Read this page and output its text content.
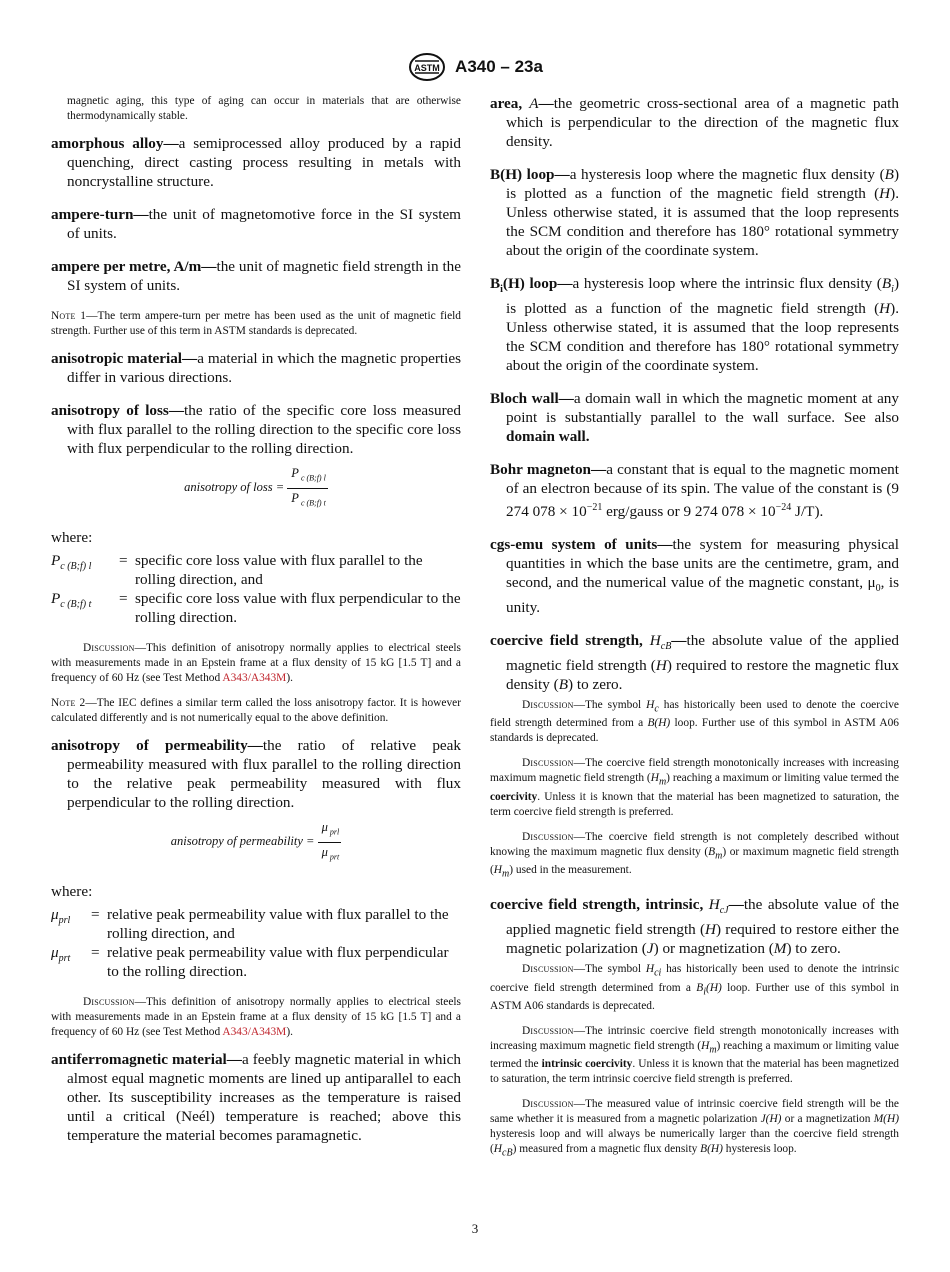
ASTM A340 – 23a

magnetic aging, this type of aging can occur in materials that are otherwise thermodynamically stable.

amorphous alloy—a semiprocessed alloy produced by a rapid quenching, direct casting process resulting in metals with noncrystalline structure.

ampere-turn—the unit of magnetomotive force in the SI system of units.

ampere per metre, A/m—the unit of magnetic field strength in the SI system of units.

Note 1—The term ampere-turn per metre has been used as the unit of magnetic field strength. Further use of this term in ASTM standards is deprecated.

anisotropic material—a material in which the magnetic properties differ in various directions.

anisotropy of loss—the ratio of the specific core loss measured with flux parallel to the rolling direction to the specific core loss with flux perpendicular to the rolling direction.

anisotropy of loss = $\frac{P _{c (B;f) l}}{P _{c (B;f) t}}$

where:

$P_{c (B;f) l}$	= specific core loss value with flux parallel to the rolling direction, and
$P_{c (B;f) t}$	= specific core loss value with flux perpendicular to the rolling direction.

Discussion—This definition of anisotropy normally applies to electrical steels with measurements made in an Epstein frame at a flux density of 15 kG [1.5 T] and a frequency of 60 Hz (see Test Method A343/A343M).

Note 2—The IEC defines a similar term called the loss anisotropy factor. It is however calculated differently and is not numerically equal to the above definition.

anisotropy of permeability—the ratio of relative peak permeability measured with flux parallel to the rolling direction to the relative peak permeability measured with flux perpendicular to the rolling direction.

anisotropy of permeability = $\frac{\mu _{prl}}{\mu _{prt}}$

where:

$\mu_{prl}$	= relative peak permeability value with flux parallel to the rolling direction, and
$\mu_{prt}$	= relative peak permeability value with flux perpendicular to the rolling direction.

Discussion—This definition of anisotropy normally applies to electrical steels with measurements made in an Epstein frame at a flux density of 15 kG [1.5 T] and a frequency of 60 Hz (see Test Method A343/A343M).

antiferromagnetic material—a feebly magnetic material in which almost equal magnetic moments are lined up antiparallel to each other. Its susceptibility increases as the temperature is raised until a critical (Neél) temperature is reached; above this temperature the material becomes paramagnetic.

area, A—the geometric cross-sectional area of a magnetic path which is perpendicular to the direction of the magnetic flux density.

B(H) loop—a hysteresis loop where the magnetic flux density (B) is plotted as a function of the magnetic field strength (H). Unless otherwise stated, it is assumed that the loop represents the SCM condition and therefore has 180° rotational symmetry about the origin of the coordinate system.

$B_i(H)$ loop—a hysteresis loop where the intrinsic flux density $(B_i)$ is plotted as a function of the magnetic field strength (H). Unless otherwise stated, it is assumed that the loop represents the SCM condition and therefore has 180° rotational symmetry about the origin of the coordinate system.

Bloch wall—a domain wall in which the magnetic moment at any point is substantially parallel to the wall surface. See also domain wall.

Bohr magneton—a constant that is equal to the magnetic moment of an electron because of its spin. The value of the constant is (9 274 $078 \times 10^{-21}$ erg/gauss or 9 274 $078 \times 10^{-24}$ J/T).

cgs-emu system of units—the system for measuring physical quantities in which the base units are the centimetre, gram, and second, and the numerical value of the magnetic constant, $\mu_0$, is unity.

coercive field strength, $H_{cB}—the$ absolute value of the applied magnetic field strength (H) required to restore the magnetic flux density (B) to zero.

Discussion—The symbol $H_c$ has historically been used to denote the coercive field strength determined from a B(H) loop. Further use of this symbol in ASTM A06 standards is deprecated.

Discussion—The coercive field strength monotonically increases with increasing maximum magnetic field strength $(H_m)$ reaching a maximum or limiting value termed the coercivity. Unless it is known that the material has been magnetized to saturation, the term coercive field strength is preferred.

Discussion—The coercive field strength is not completely described without knowing the maximum magnetic flux density $(B_m)$ or maximum magnetic field strength $(H_m)$ used in the measurement.

coercive field strength, intrinsic, $H_{cJ}—the$ absolute value of the applied magnetic field strength (H) required to restore either the magnetic polarization (J) or magnetization (M) to zero.

Discussion—The symbol $H_{ci}$ has historically been used to denote the intrinsic coercive field strength determined from a $B_i(H)$ loop. Further use of this symbol in ASTM A06 standards is deprecated.

Discussion—The intrinsic coercive field strength monotonically increases with increasing maximum magnetic field strength $(H_m)$ reaching a maximum or limiting value termed the intrinsic coercivity. Unless it is known that the material has been magnetized to saturation, the term intrinsic coercive field strength is preferred.

Discussion—The measured value of intrinsic coercive field strength will be the same whether it is measured from a magnetic polarization J(H) or a magnetization M(H) hysteresis loop and will always be numerically larger than the coercive field strength $(H_{cB})$ measured from a magnetic flux density B(H) hysteresis loop.

3
